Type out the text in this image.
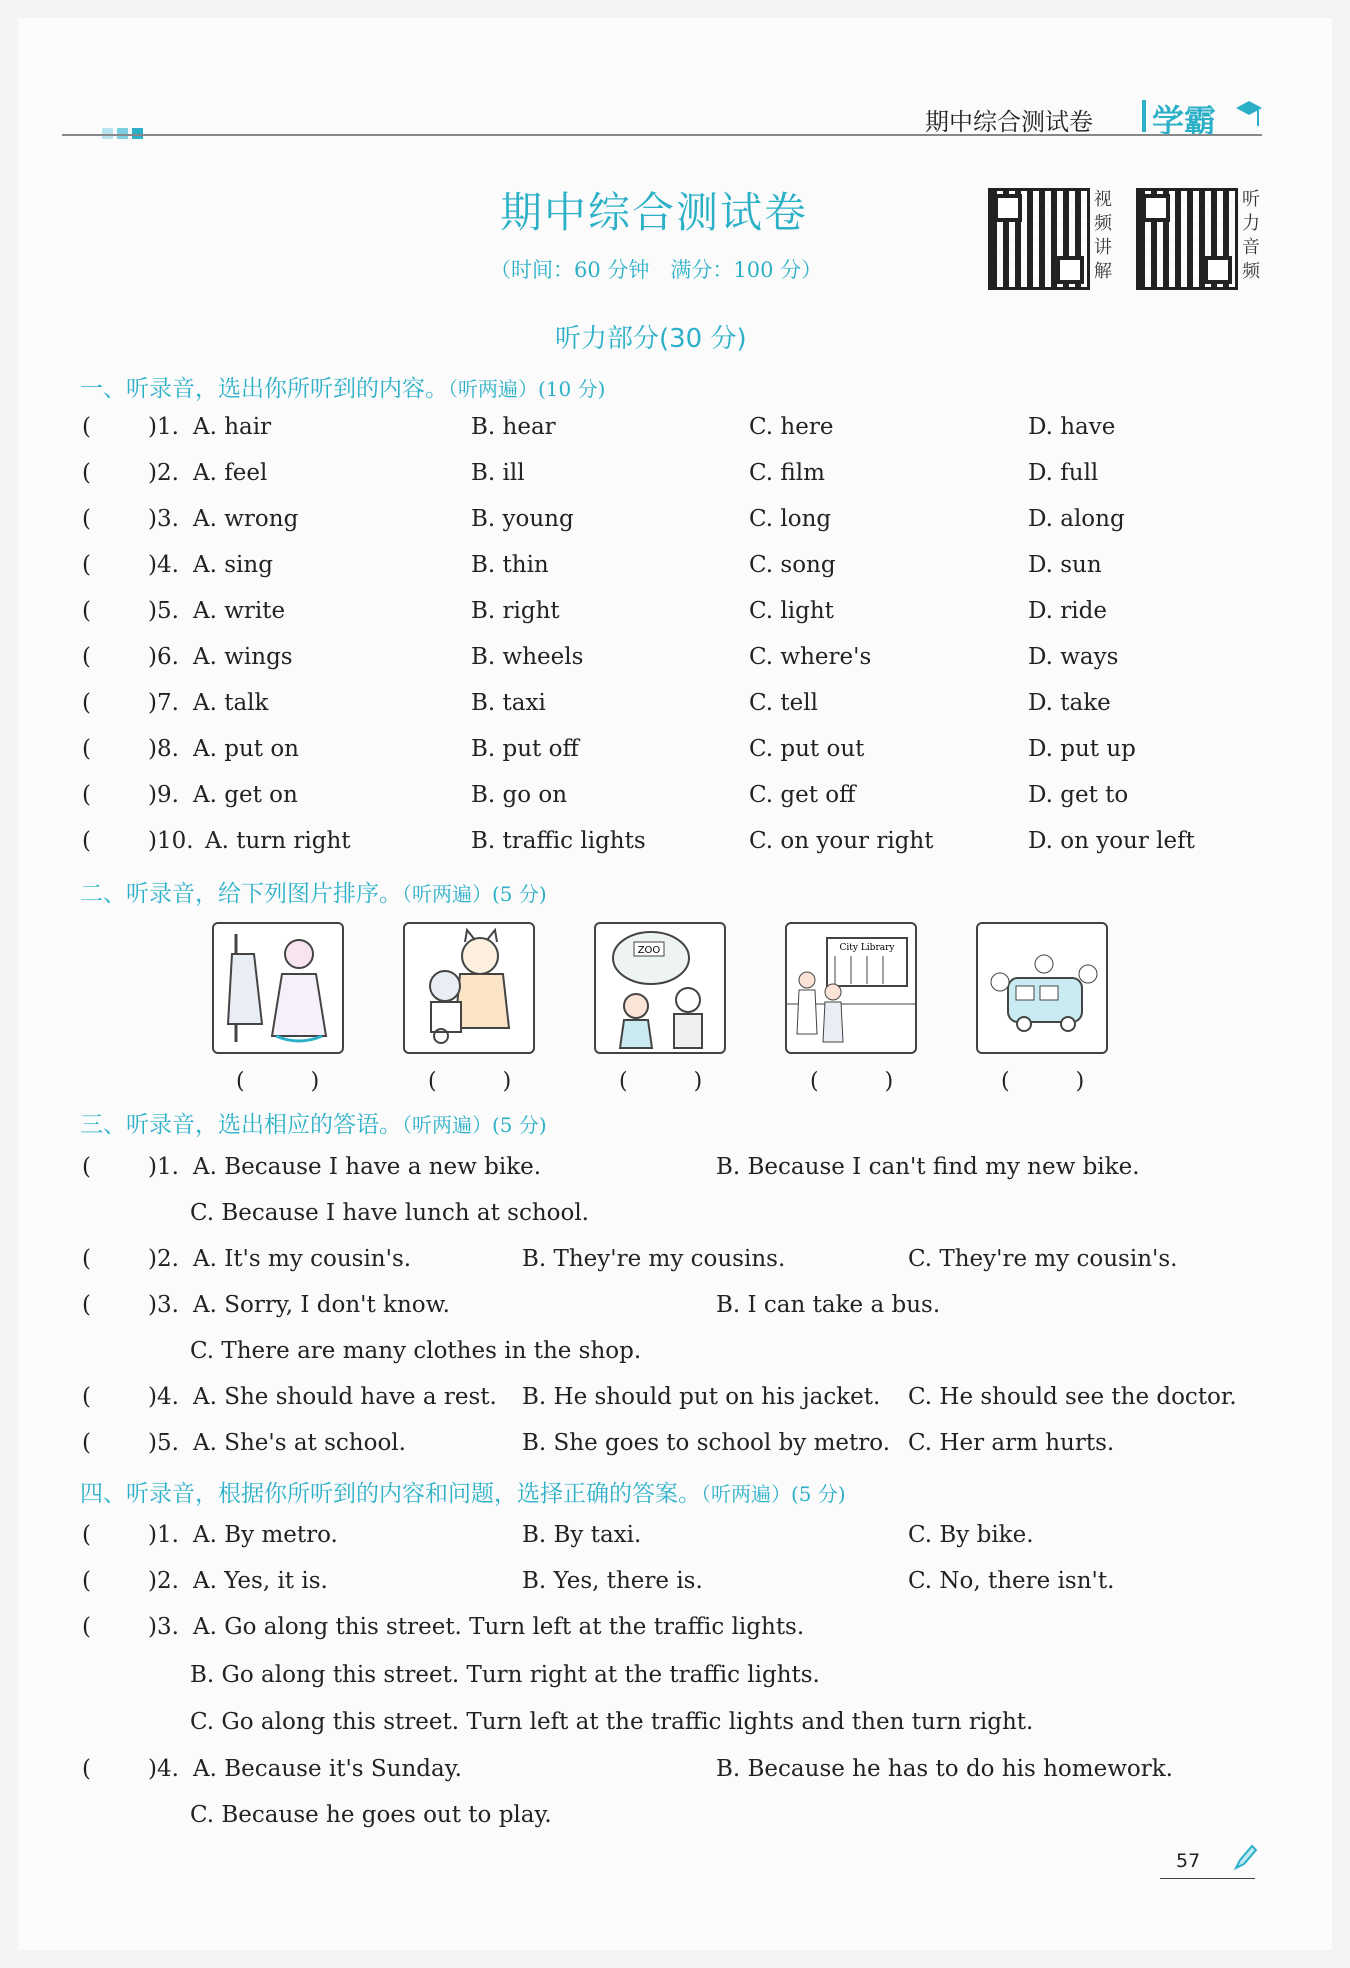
期中综合测试卷 学霸
期中综合测试卷
（时间：60 分钟　满分：100 分）
听力部分(30 分)
视频讲解
听力音频
一、听录音，选出你所听到的内容。（听两遍）(10 分)
( )1. A. hair	B. hear	C. here	D. have
( )2. A. feel	B. ill	C. film	D. full
( )3. A. wrong	B. young	C. long	D. along
( )4. A. sing	B. thin	C. song	D. sun
( )5. A. write	B. right	C. light	D. ride
( )6. A. wings	B. wheels	C. where's	D. ways
( )7. A. talk	B. taxi	C. tell	D. take
( )8. A. put on	B. put off	C. put out	D. put up
( )9. A. get on	B. go on	C. get off	D. get to
( )10. A. turn right	B. traffic lights	C. on your right	D. on your left
二、听录音，给下列图片排序。（听两遍）(5 分)
ZOO	City Library
(　　　)	(　　　)	(　　　)	(　　　)	(　　　)
三、听录音，选出相应的答语。（听两遍）(5 分)
( )1. A. Because I have a new bike.	B. Because I can't find my new bike.
C. Because I have lunch at school.
( )2. A. It's my cousin's.	B. They're my cousins.	C. They're my cousin's.
( )3. A. Sorry, I don't know.	B. I can take a bus.
C. There are many clothes in the shop.
( )4. A. She should have a rest. B. He should put on his jacket. C. He should see the doctor.
( )5. A. She's at school.	B. She goes to school by metro. C. Her arm hurts.
四、听录音，根据你所听到的内容和问题，选择正确的答案。（听两遍）(5 分)
( )1. A. By metro.	B. By taxi.	C. By bike.
( )2. A. Yes, it is.	B. Yes, there is.	C. No, there isn't.
( )3. A. Go along this street. Turn left at the traffic lights.
B. Go along this street. Turn right at the traffic lights.
C. Go along this street. Turn left at the traffic lights and then turn right.
( )4. A. Because it's Sunday.	B. Because he has to do his homework.
C. Because he goes out to play.
57
